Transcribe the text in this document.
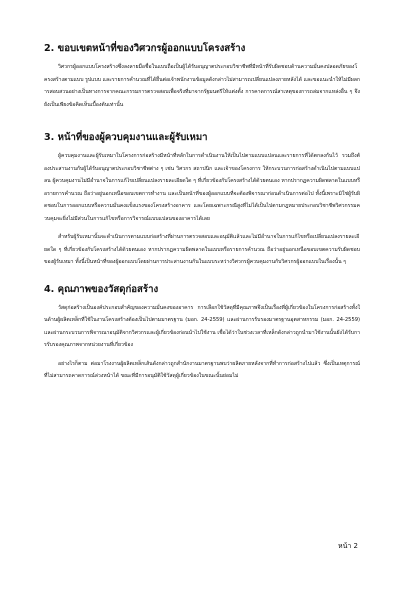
2. ขอบเขตหน้าที่ของวิศวกรผู้ออกแบบโครงสร้าง

วิศวกรผู้ออกแบบโครงสร้างซึ่งลงลายมือชื่อในแบบถือเป็นผู้ได้รับอนุญาตประกอบวิชาชีพที่มีหน้าที่รับผิดชอบด้านความมั่นคงปลอดภัยของโครงสร้างตามแบบ รูปแบบ และรายการคำนวณที่ได้ยื่นต่อเจ้าพนักงานข้อมูลดังกล่าวไม่สามารถเปลี่ยนแปลงภายหลังได้ และขอแนะนำให้ไม่มีผลการสอบสวนอย่างเป็นทางการจากคณะกรรมการตรวจสอบเพื่อจริงที่มาจากรัฐมนตรีให้แต่งตั้ง การคาดการณ์สาเหตุของการถล่มจากแหล่งอื่น ๆ จึงยังเป็นเพียงข้อคิดเห็นเบื้องต้นเท่านั้น

3. หน้าที่ของผู้ควบคุมงานและผู้รับเหมา

ผู้ควบคุมงานและผู้รับเหมาในโครงการก่อสร้างมีหน้าที่หลักในการดำเนินงานให้เป็นไปตามแบบแปลนและรายการที่ได้ตกลงกันไว้ รวมถึงต้องประสานงานกับผู้ได้รับอนุญาตประกอบวิชาชีพต่าง ๆ เช่น วิศวกร สถาปนิก และเจ้าของโครงการ ให้กระบวนการก่อสร้างดำเนินไปตามแบบแปลน ผู้ควบคุมงานไม่มีอำนาจในการแก้ไขเปลี่ยนแปลงรายละเอียดใด ๆ ที่เกี่ยวข้องกับโครงสร้างได้ด้วยตนเอง หากปรากฏความผิดพลาดในแบบหรือรายการคำนวณ ถือว่าอยู่นอกเหนือขอบเขตการทำงาน และเป็นหน้าที่ของผู้ออกแบบที่จะต้องพิจารณาก่อนดำเนินการต่อไป ทั้งนี้เพราะมิใช่ผู้รับผิดชอบในการออกแบบหรือความมั่นคงแข็งแรงของโครงสร้างอาคาร และโดยเฉพาะกรณีสูงที่ไม่ได้เป็นไปตามกฎหมายประกอบวิชาชีพวิศวกรรมควบคุมจะยิ่งไม่มีส่วนในการแก้ไขหรือการวิจารณ์แบบแปลนของอาคารได้เลย

สำหรับผู้รับเหมานั้นจะดำเนินการตามแบบก่อสร้างที่ผ่านการตรวจสอบและอนุมัติแล้วและไม่มีอำนาจในการแก้ไขหรือเปลี่ยนแปลงรายละเอียดใด ๆ ที่เกี่ยวข้องกับโครงสร้างได้ด้วยตนเอง หากปรากฏความผิดพลาดในแบบหรือรายการคำนวณ ถือว่าอยู่นอกเหนือขอบเขตความรับผิดชอบของผู้รับเหมา ทั้งนี้เป็นหน้าที่ของผู้ออกแบบโดยผ่านการประสานงานกันในแบบระหว่างวิศวกรผู้ควบคุมงานกับวิศวกรผู้ออกแบบในเรื่องนั้น ๆ

4. คุณภาพของวัสดุก่อสร้าง

วัสดุก่อสร้างเป็นองค์ประกอบสำคัญของความมั่นคงของอาคาร การเลือกใช้วัสดุที่มีคุณภาพจึงเป็นเรื่องที่ผู้เกี่ยวข้องในโครงการก่อสร้างทั้งในด้านผู้ผลิตเหล็กที่ใช้ในงานโครงสร้างต้องเป็นไปตามมาตรฐาน (มอก. 24-2559) และผ่านการรับรองมาตรฐานอุตสาหกรรม (มอก. 24-2559) และผ่านกระบวนการพิจารณาอนุมัติจากวิศวกรและผู้เกี่ยวข้องก่อนนำไปใช้งาน เชื่อได้ว่าในช่วงเวลาที่เหล็กดังกล่าวถูกนำมาใช้งานนั้นยังได้รับการรับรองคุณภาพจากหน่วยงานที่เกี่ยวข้อง

อย่างไรก็ตาม ต่อมาโรงงานผู้ผลิตเหล็กเส้นดังกล่าวถูกสำนักงานมาตรฐานพบว่าผลิตภายหลังจากที่ทำการก่อสร้างไปแล้ว ซึ่งเป็นเหตุการณ์ที่ไม่สามารถคาดการณ์ล่วงหน้าได้ ขณะที่มีการอนุมัติใช้วัสดุผู้เกี่ยวข้องในขณะนั้นย่อมไม่

หน้า 2
